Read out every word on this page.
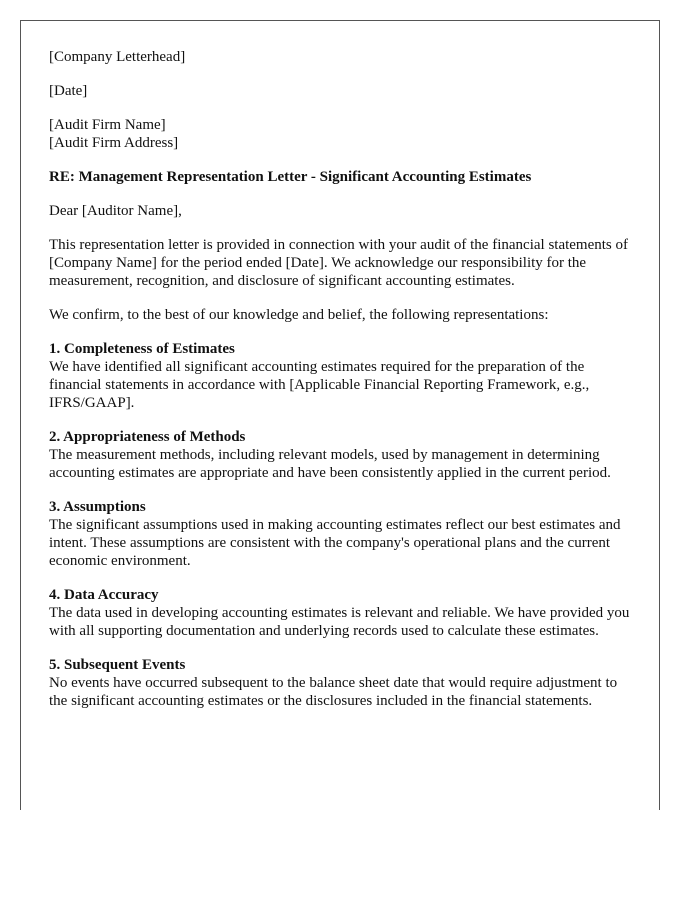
[Company Letterhead]

[Date]

[Audit Firm Name]

[Audit Firm Address]

RE: Management Representation Letter - Significant Accounting Estimates

Dear [Auditor Name],

This representation letter is provided in connection with your audit of the financial statements of [Company Name] for the period ended [Date]. We acknowledge our responsibility for the measurement, recognition, and disclosure of significant accounting estimates.

We confirm, to the best of our knowledge and belief, the following representations:

1. Completeness of Estimates
We have identified all significant accounting estimates required for the preparation of the financial statements in accordance with [Applicable Financial Reporting Framework, e.g., IFRS/GAAP].
2. Appropriateness of Methods
The measurement methods, including relevant models, used by management in determining accounting estimates are appropriate and have been consistently applied in the current period.
3. Assumptions
The significant assumptions used in making accounting estimates reflect our best estimates and intent. These assumptions are consistent with the company's operational plans and the current economic environment.
4. Data Accuracy
The data used in developing accounting estimates is relevant and reliable. We have provided you with all supporting documentation and underlying records used to calculate these estimates.
5. Subsequent Events
No events have occurred subsequent to the balance sheet date that would require adjustment to the significant accounting estimates or the disclosures included in the financial statements.
